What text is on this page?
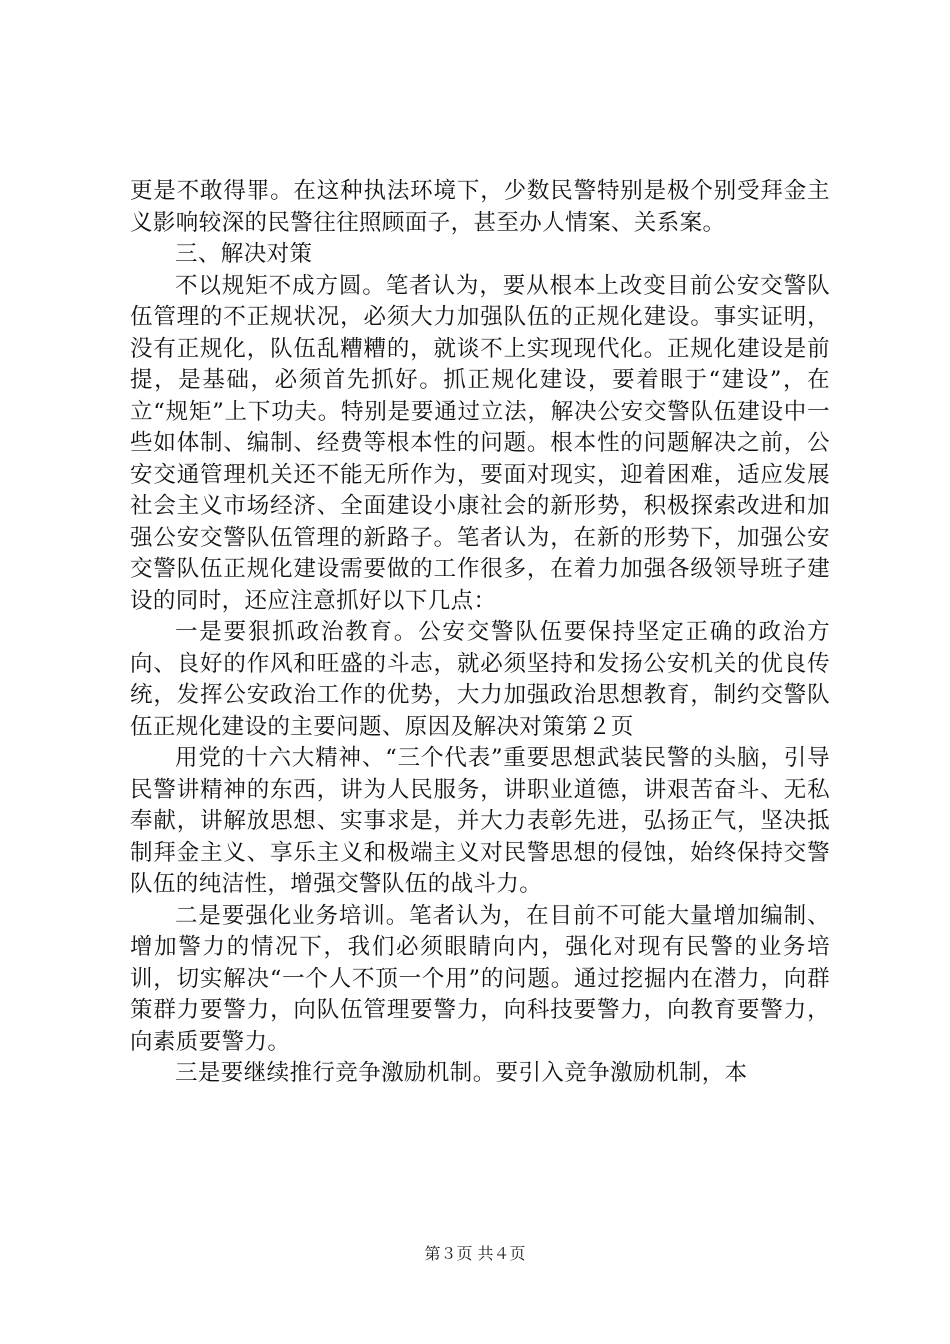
更是不敢得罪。在这种执法环境下，少数民警特别是极个别受拜金主义影响较深的民警往往照顾面子，甚至办人情案、关系案。

三、解决对策

不以规矩不成方圆。笔者认为，要从根本上改变目前公安交警队伍管理的不正规状况，必须大力加强队伍的正规化建设。事实证明，没有正规化，队伍乱糟糟的，就谈不上实现现代化。正规化建设是前提，是基础，必须首先抓好。抓正规化建设，要着眼于“建设”，在立“规矩”上下功夫。特别是要通过立法，解决公安交警队伍建设中一些如体制、编制、经费等根本性的问题。根本性的问题解决之前，公安交通管理机关还不能无所作为，要面对现实，迎着困难，适应发展社会主义市场经济、全面建设小康社会的新形势，积极探索改进和加强公安交警队伍管理的新路子。笔者认为，在新的形势下，加强公安交警队伍正规化建设需要做的工作很多，在着力加强各级领导班子建设的同时，还应注意抓好以下几点：

一是要狠抓政治教育。公安交警队伍要保持坚定正确的政治方向、良好的作风和旺盛的斗志，就必须坚持和发扬公安机关的优良传统，发挥公安政治工作的优势，大力加强政治思想教育，制约交警队伍正规化建设的主要问题、原因及解决对策第２页

用党的十六大精神、“三个代表”重要思想武装民警的头脑，引导民警讲精神的东西，讲为人民服务，讲职业道德，讲艰苦奋斗、无私奉献，讲解放思想、实事求是，并大力表彰先进，弘扬正气，坚决抵制拜金主义、享乐主义和极端主义对民警思想的侵蚀，始终保持交警队伍的纯洁性，增强交警队伍的战斗力。

二是要强化业务培训。笔者认为，在目前不可能大量增加编制、增加警力的情况下，我们必须眼睛向内，强化对现有民警的业务培训，切实解决“一个人不顶一个用”的问题。通过挖掘内在潜力，向群策群力要警力，向队伍管理要警力，向科技要警力，向教育要警力，向素质要警力。

三是要继续推行竞争激励机制。要引入竞争激励机制，本

第３页 共４页
